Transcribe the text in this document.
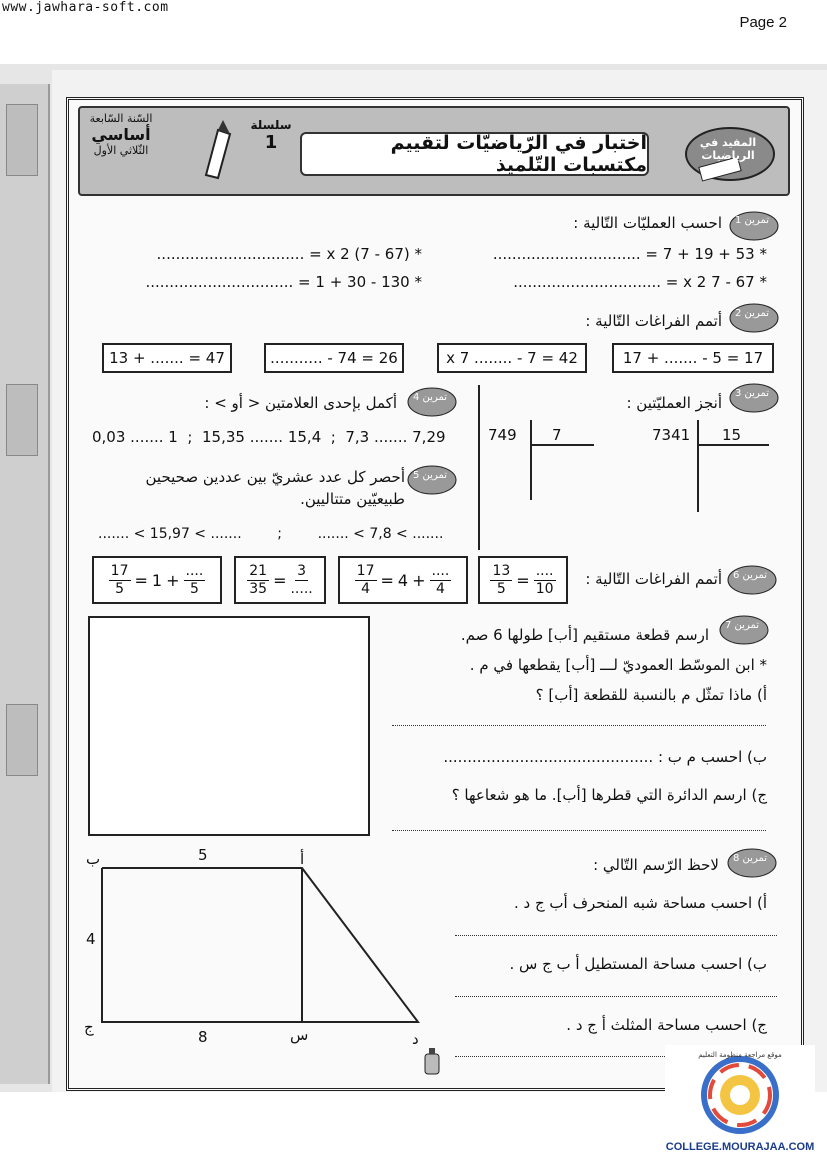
www.jawhara-soft.com
Page 2
السّنة السّابعة
أساسي
الثّلاثي الأول
سلسلة
1	اختبار في الرّياضيّات لتقييم مكتسبات التّلميذ
المفيد في الرياضيات
تمرين 1
احسب العمليّات التّالية :
* 53 + 19 + 7 = ...............................
* 67 - 7 x 2 = ...............................
* (67 - 7) x 2 = ...............................
* 130 - 30 + 1 = ...............................
تمرين 2
أتمم الفراغات التّالية :
17 + ....... - 5 = 17
x 7 ........ - 7 = 42
........... - 74 = 26
13 + ....... = 47
تمرين 3
أنجز العمليّتين :
7341 15
749 7
تمرين 4
أكمل بإحدى العلامتين < أو > :
0,03 ....... 1  ;  15,35 ....... 15,4  ;  7,3 ....... 7,29
تمرين 5
أحصر كل عدد عشريّ بين عددين صحيحين طبيعيّين متتاليين.
....... < 15,97 < .......        ;        ....... < 7,8 < .......
تمرين 6
أتمم الفراغات التّالية :
$\frac{13}{5} = \frac{....}{10}$
$\frac{17}{4} = 4 + \frac{....}{4}$
$\frac{21}{35} = \frac{3}{.....}$
$\frac{17}{5} = 1 + \frac{....}{5}$
تمرين 7
ارسم قطعة مستقيم [أب] طولها 6 صم.
* ابن الموسّط العموديّ لـــ [أب] يقطعها في م .
أ) ماذا تمثّل م بالنسبة للقطعة [أب] ؟
ب) احسب م ب : ............................................
ج) ارسم الدائرة التي قطرها [أب]. ما هو شعاعها ؟
تمرين 8
لاحظ الرّسم التّالي :
أ) احسب مساحة شبه المنحرف أب ج د .
ب) احسب مساحة المستطيل أ ب ج س .
ج) احسب مساحة المثلث أ ج د .
ب	أ
5
4
ج
8	س	د
موقع مراجعة منظومة التعليم
COLLEGE.MOURAJAA.COM
